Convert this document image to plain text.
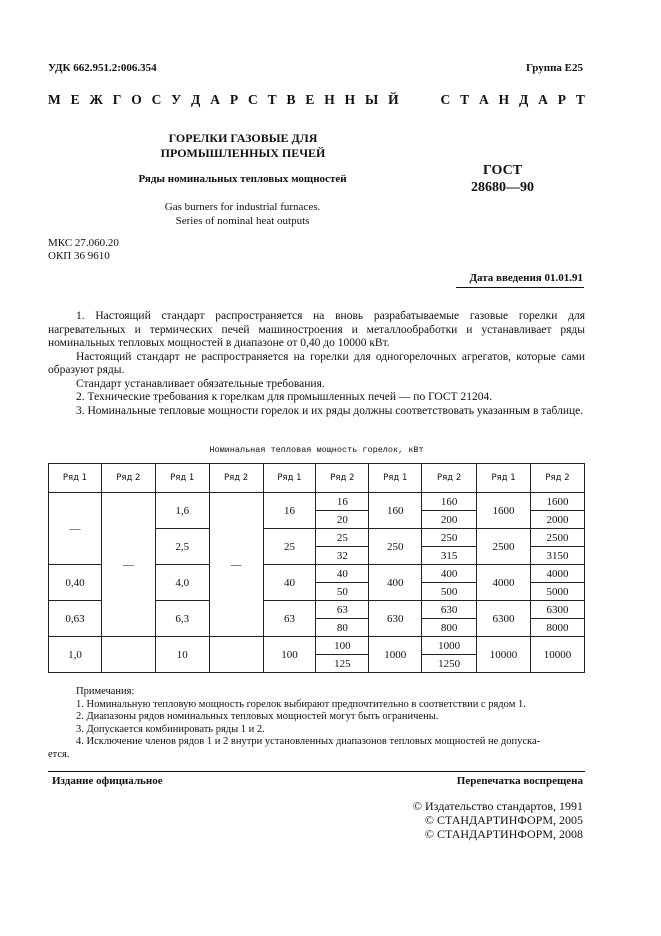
УДК 662.951.2:006.354	Группа Е25
М Е Ж Г О С У Д А Р С Т В Е Н Н Ы Й
	С Т А Н Д А Р Т
ГОРЕЛКИ ГАЗОВЫЕ ДЛЯ
ПРОМЫШЛЕННЫХ ПЕЧЕЙ
Ряды номинальных тепловых мощностей
Gas burners for industrial furnaces.
Series of nominal heat outputs
ГОСТ
28680—90
МКС 27.060.20
ОКП 36 9610
Дата введения 01.01.91

1. Настоящий стандарт распространяется на вновь разрабатываемые газовые горелки для нагревательных и термических печей машиностроения и металлообработки и устанавливает ряды номинальных тепловых мощностей в диапазоне от 0,40 до 10000 кВт.

Настоящий стандарт не распространяется на горелки для одногорелочных агрегатов, которые сами образуют ряды.

Стандарт устанавливает обязательные требования.

2. Технические требования к горелкам для промышленных печей — по ГОСТ 21204.

3. Номинальные тепловые мощности горелок и их ряды должны соответствовать указанным в таблице.

Номинальная тепловая мощность горелок, кВт
Ряд 1	Ряд 2	Ряд 1	Ряд 2	Ряд 1	Ряд 2	Ряд 1	Ряд 2	Ряд 1	Ряд 2
—	—	1,6	—	16	16	160	160	1600	1600
					20		200		2000
		2,5		25	25	250	250	2500	2500
					32		315		3150
0,40		4,0		40	40	400	400	4000	4000
					50		500		5000
0,63		6,3		63	63	630	630	6300	6300
					80		800		8000
1,0		10		100	100	1000	1000	10000	10000
					125		1250		
Примечания:
1. Номинальную тепловую мощность горелок выбирают предпочтительно в соответствии с рядом 1.
2. Диапазоны рядов номинальных тепловых мощностей могут быть ограничены.
3. Допускается комбинировать ряды 1 и 2.
4. Исключение членов рядов 1 и 2 внутри установленных диапазонов тепловых мощностей не допуска-
ется.
Издание официальное	Перепечатка воспрещена
© Издательство стандартов, 1991
© СТАНДАРТИНФОРМ, 2005
© СТАНДАРТИНФОРМ, 2008
